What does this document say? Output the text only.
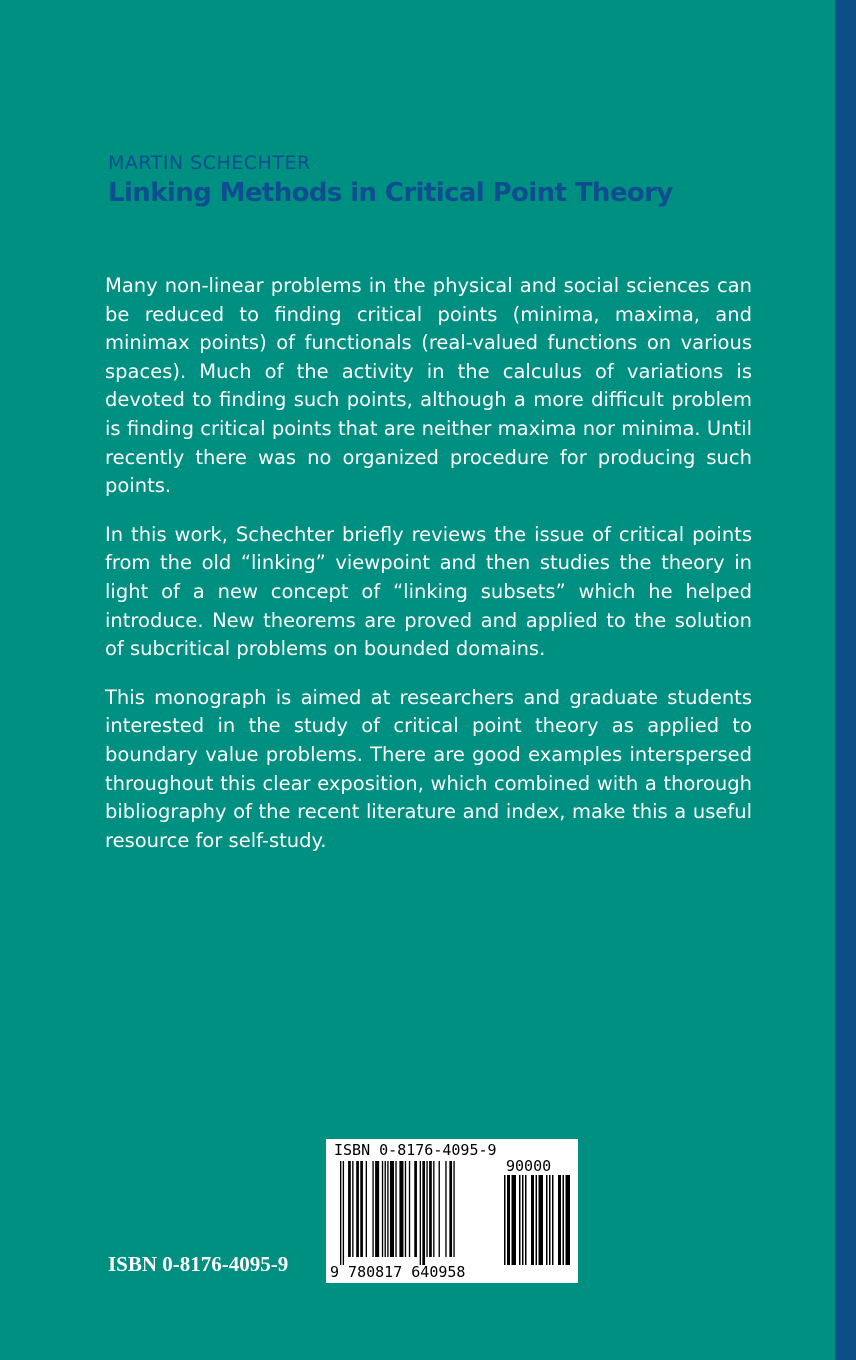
MARTIN SCHECHTER
Linking Methods in Critical Point Theory

Many non-linear problems in the physical and social sciences can be reduced to finding critical points (minima, maxima, and minimax points) of functionals (real-valued functions on various spaces). Much of the activity in the calculus of variations is devoted to finding such points, although a more difficult problem is finding critical points that are neither maxima nor minima. Until recently there was no organized procedure for producing such points.

In this work, Schechter briefly reviews the issue of critical points from the old “linking” viewpoint and then studies the theory in light of a new concept of “linking subsets” which he helped introduce. New theorems are proved and applied to the solution of subcritical problems on bounded domains.

This monograph is aimed at researchers and graduate students interested in the study of critical point theory as applied to boundary value problems. There are good examples interspersed throughout this clear exposition, which combined with a thorough bibliography of the recent literature and index, make this a useful resource for self-study.

ISBN 0-8176-4095-9
ISBN 0-8176-4095-9
90000
9 780817 640958
